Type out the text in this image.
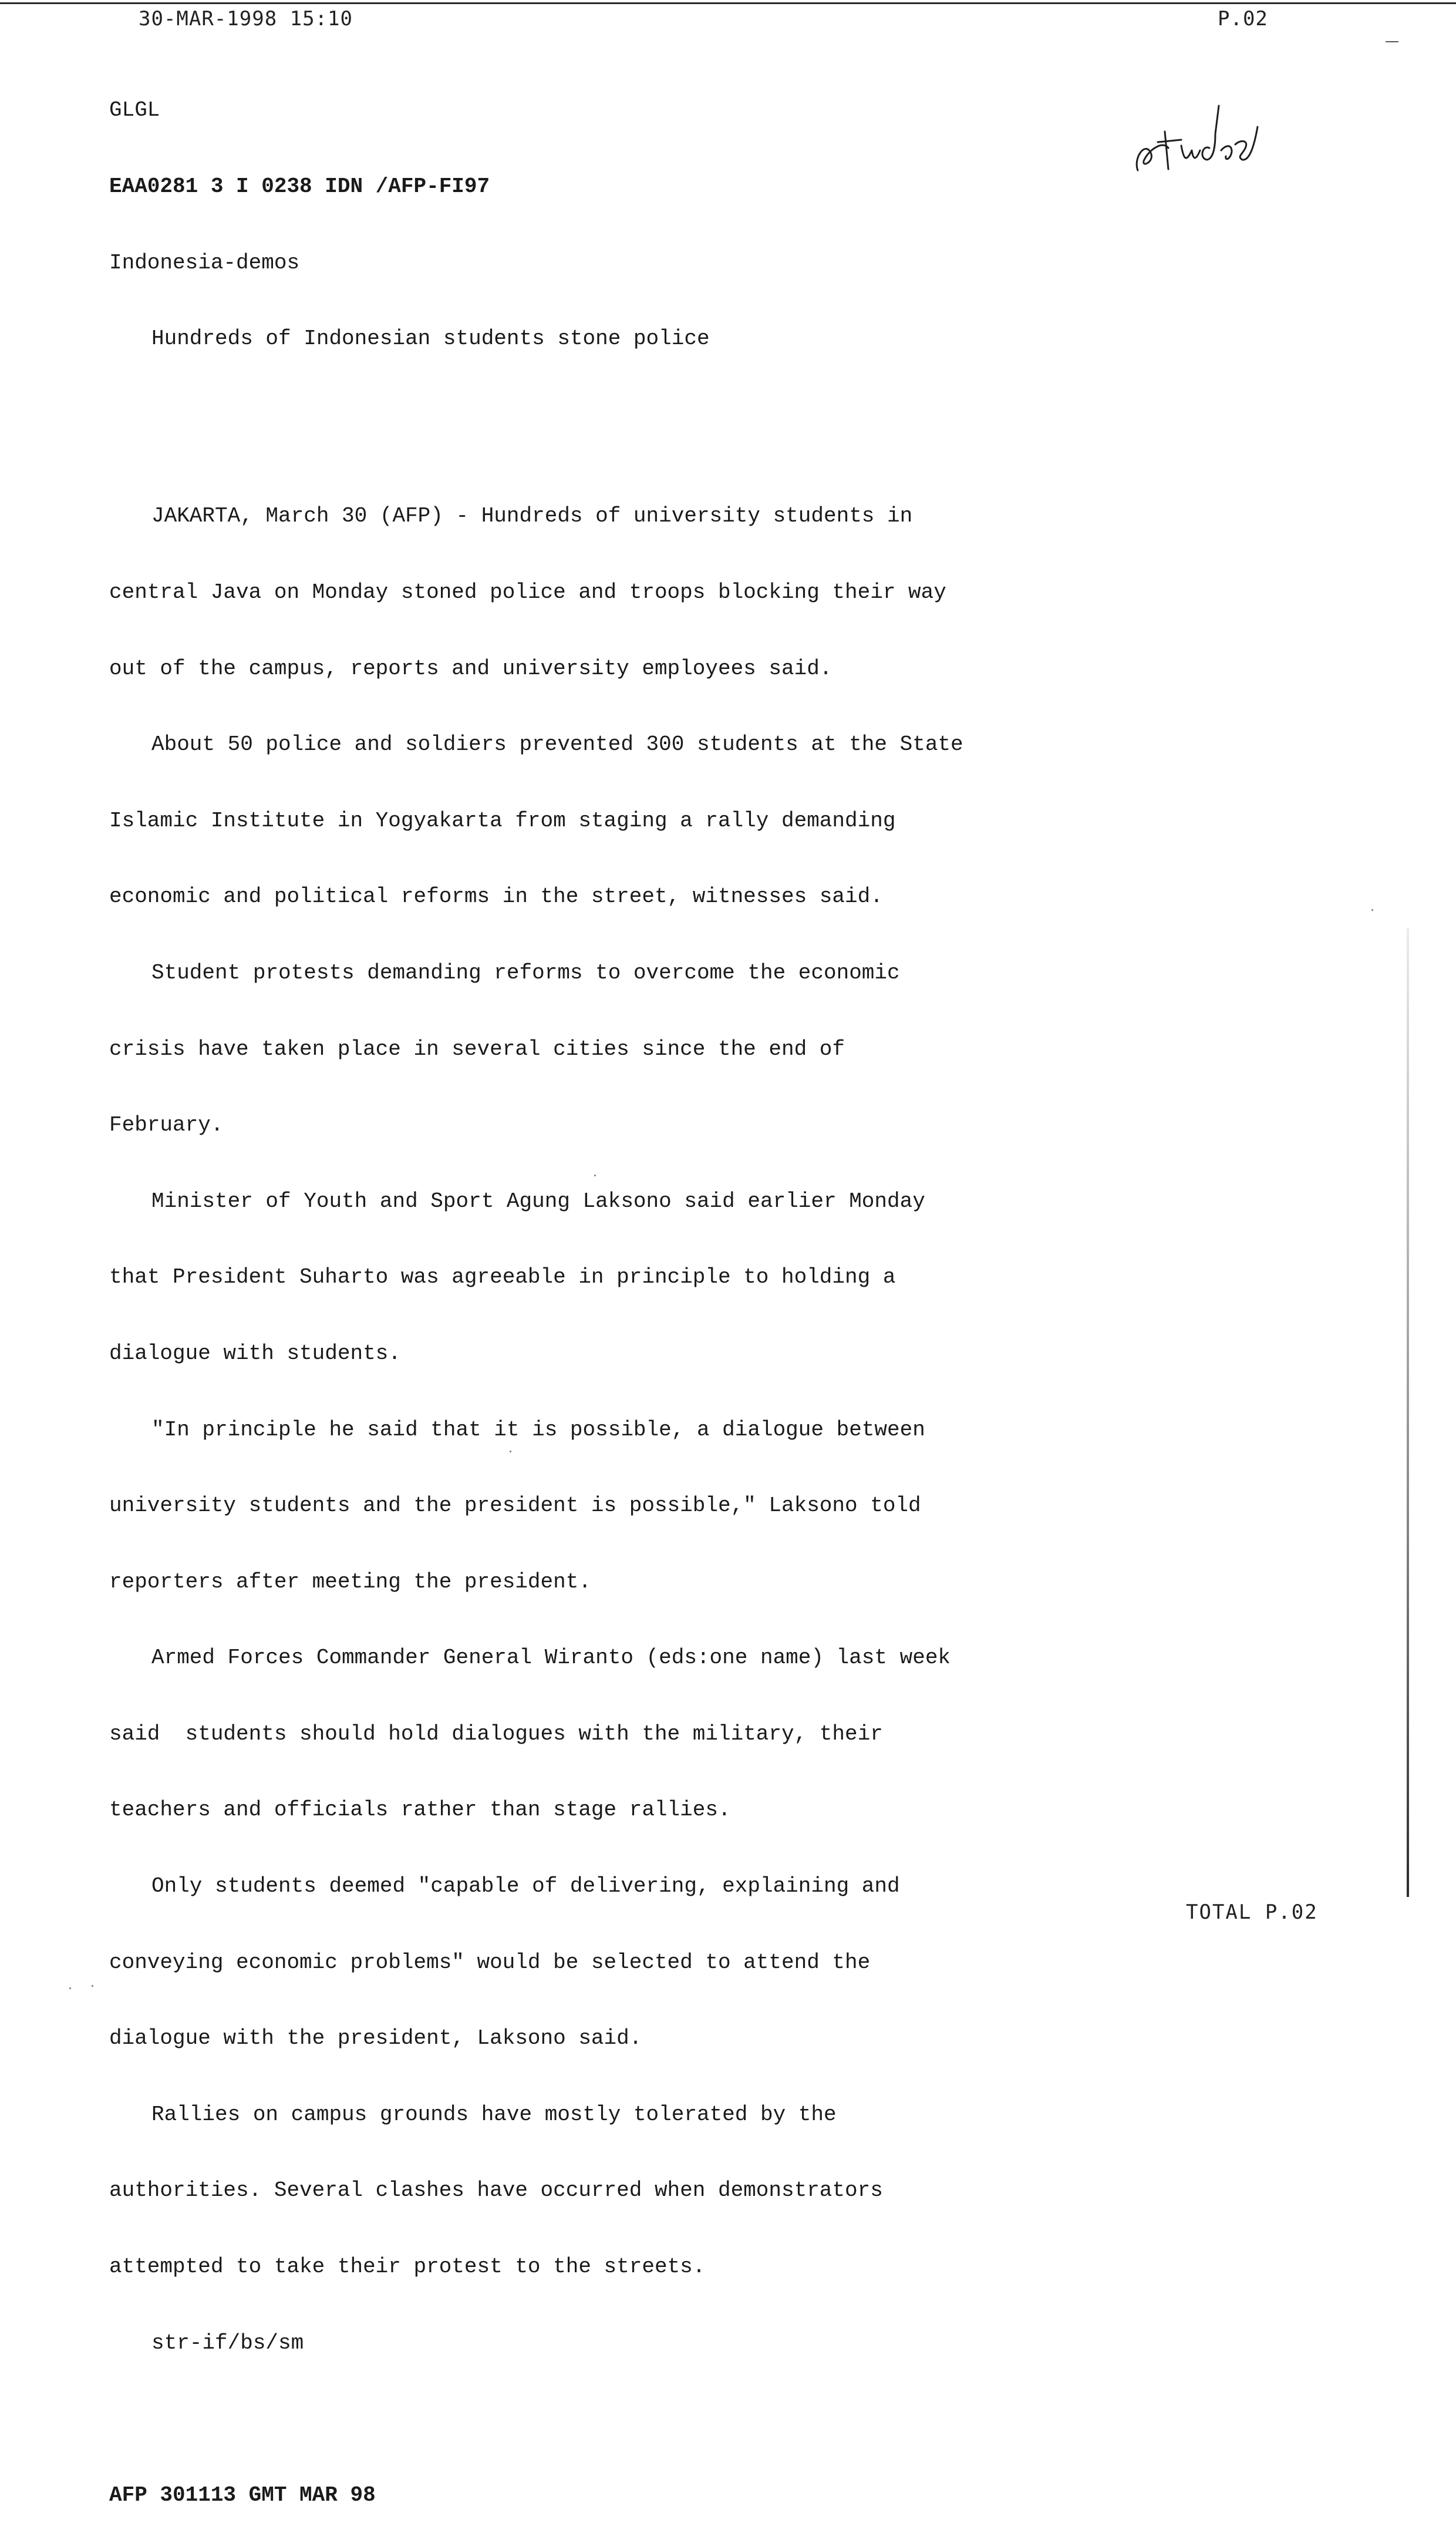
30-MAR-1998 15:10	P.02

GLGL

EAA0281 3 I 0238 IDN /AFP-FI97

Indonesia-demos

Hundreds of Indonesian students stone police

JAKARTA, March 30 (AFP) - Hundreds of university students in

central Java on Monday stoned police and troops blocking their way

out of the campus, reports and university employees said.

About 50 police and soldiers prevented 300 students at the State

Islamic Institute in Yogyakarta from staging a rally demanding

economic and political reforms in the street, witnesses said.

Student protests demanding reforms to overcome the economic

crisis have taken place in several cities since the end of

February.

Minister of Youth and Sport Agung Laksono said earlier Monday

that President Suharto was agreeable in principle to holding a

dialogue with students.

"In principle he said that it is possible, a dialogue between

university students and the president is possible," Laksono told

reporters after meeting the president.

Armed Forces Commander General Wiranto (eds:one name) last week

said  students should hold dialogues with the military, their

teachers and officials rather than stage rallies.

Only students deemed "capable of delivering, explaining and

conveying economic problems" would be selected to attend the

dialogue with the president, Laksono said.

Rallies on campus grounds have mostly tolerated by the

authorities. Several clashes have occurred when demonstrators

attempted to take their protest to the streets.

str-if/bs/sm

AFP 301113 GMT MAR 98

TOTAL P.02
